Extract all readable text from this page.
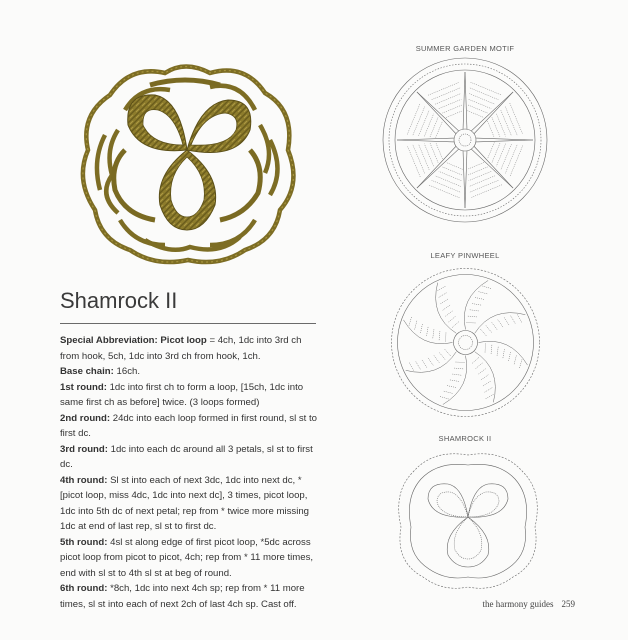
Shamrock II

Special Abbreviation: Picot loop = 4ch, 1dc into 3rd ch from hook, 5ch, 1dc into 3rd ch from hook, 1ch.

Base chain: 16ch.

1st round: 1dc into first ch to form a loop, [15ch, 1dc into same first ch as before] twice. (3 loops formed)

2nd round: 24dc into each loop formed in first round, sl st to first dc.

3rd round: 1dc into each dc around all 3 petals, sl st to first dc.

4th round: Sl st into each of next 3dc, 1dc into next dc, *[picot loop, miss 4dc, 1dc into next dc], 3 times, picot loop, 1dc into 5th dc of next petal; rep from * twice more missing 1dc at end of last rep, sl st to first dc.

5th round: 4sl st along edge of first picot loop, *5dc across picot loop from picot to picot, 4ch; rep from * 11 more times, end with sl st to 4th sl st at beg of round.

6th round: *8ch, 1dc into next 4ch sp; rep from * 11 more times, sl st into each of next 2ch of last 4ch sp. Cast off.

SUMMER GARDEN MOTIF
LEAFY PINWHEEL
SHAMROCK II
the harmony guides 259
